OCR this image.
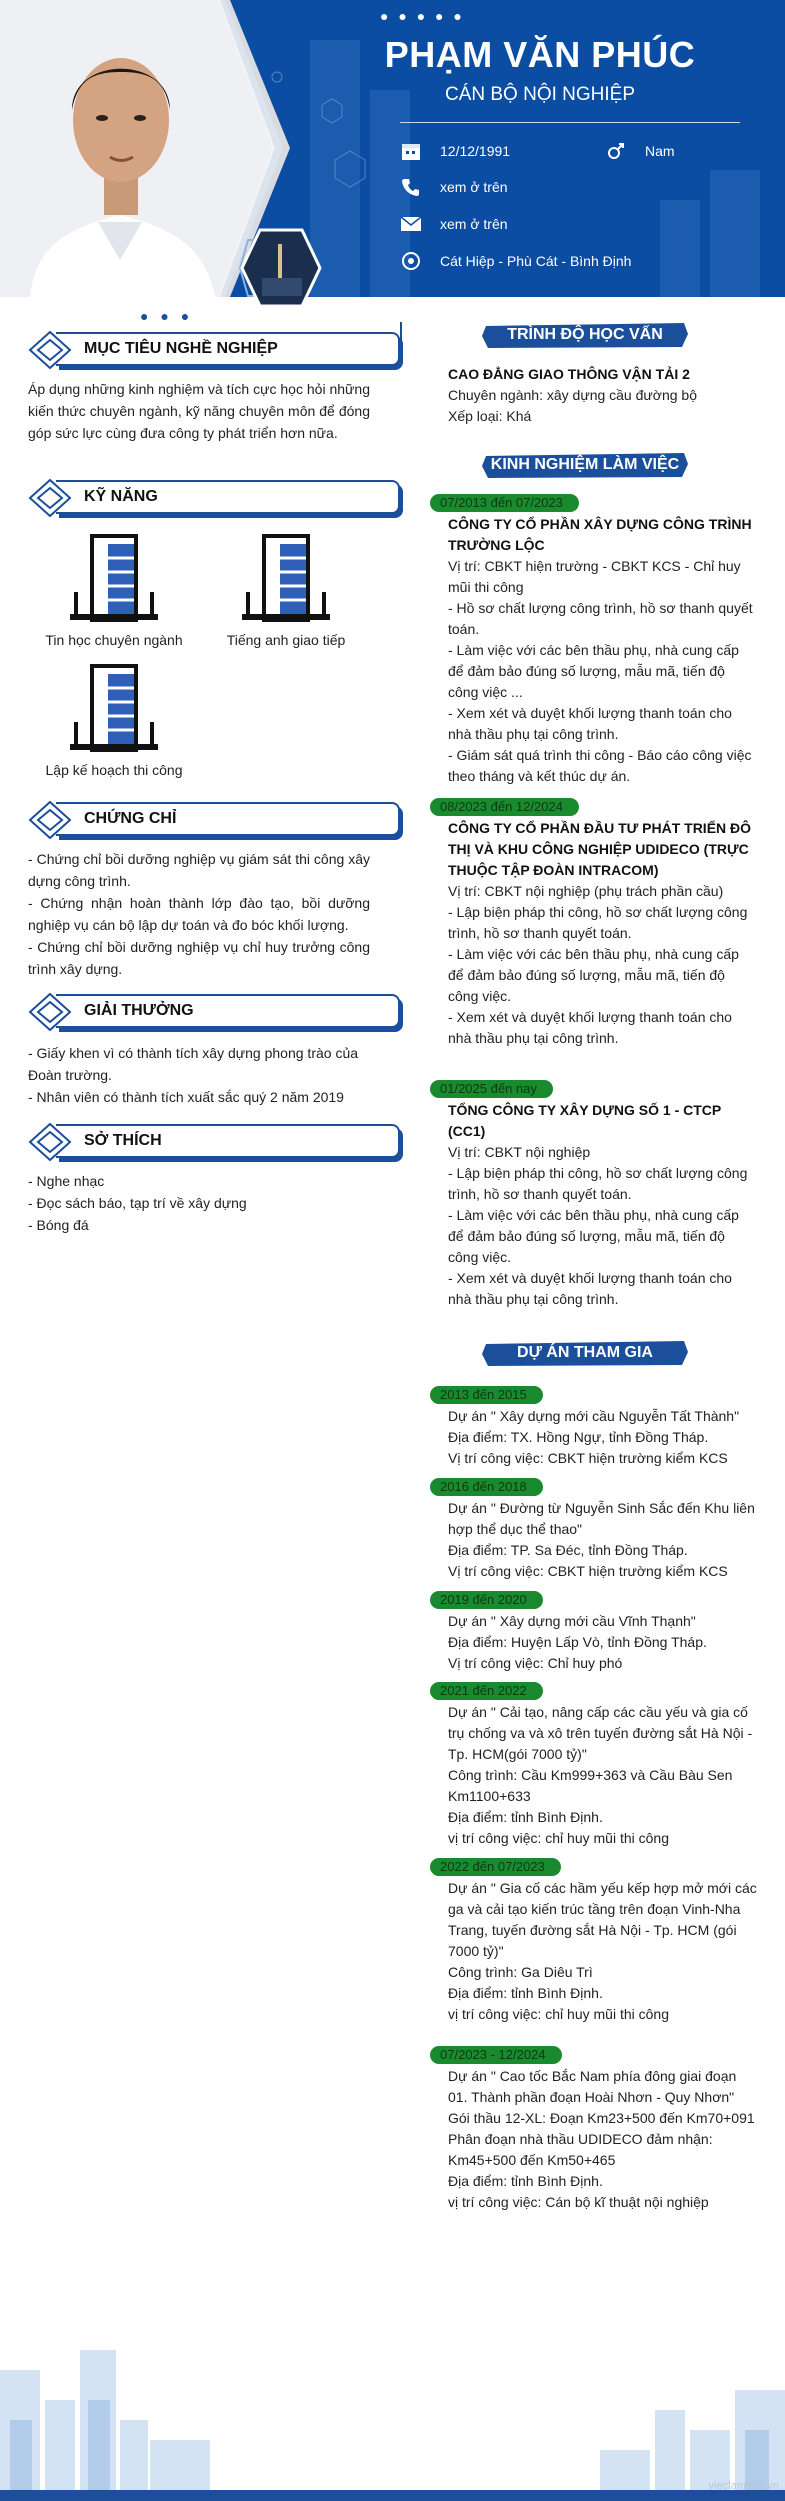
● ● ● ● ●
PHẠM VĂN PHÚC
CÁN BỘ NỘI NGHIỆP
12/12/1991	Nam
xem ở trên
xem ở trên
Cát Hiệp - Phù Cát - Bình Định
● ● ●
MỤC TIÊU NGHỀ NGHIỆP
Áp dụng những kinh nghiệm và tích cực học hỏi những kiến thức chuyên ngành, kỹ năng chuyên môn để đóng góp sức lực cùng đưa công ty phát triển hơn nữa.
KỸ NĂNG
Tin học chuyên ngành	Tiếng anh giao tiếp
Lập kế hoạch thi công
CHỨNG CHỈ

- Chứng chỉ bồi dưỡng nghiệp vụ giám sát thi công xây dựng công trình.

- Chứng nhận hoàn thành lớp đào tạo, bồi dưỡng nghiệp vụ cán bộ lập dự toán và đo bóc khối lượng.

- Chứng chỉ bồi dưỡng nghiệp vụ chỉ huy trưởng công trình xây dựng.

GIẢI THƯỞNG

- Giấy khen vì có thành tích xây dựng phong trào của Đoàn trường.

- Nhân viên có thành tích xuất sắc quý 2 năm 2019

SỞ THÍCH

- Nghe nhạc

- Đọc sách báo, tạp trí về xây dựng

- Bóng đá

TRÌNH ĐỘ HỌC VẤN
CAO ĐẲNG GIAO THÔNG VẬN TẢI 2
Chuyên ngành: xây dựng cầu đường bộ
Xếp loại: Khá
KINH NGHIỆM LÀM VIỆC
07/2013 đến 07/2023
CÔNG TY CỔ PHẦN XÂY DỰNG CÔNG TRÌNH TRƯỜNG LỘC
Vị trí: CBKT hiện trường - CBKT KCS - Chỉ huy mũi thi công
- Hồ sơ chất lượng công trình, hồ sơ thanh quyết toán.
- Làm việc với các bên thầu phụ, nhà cung cấp để đảm bảo đúng số lượng, mẫu mã, tiến độ công việc ...
- Xem xét và duyệt khối lượng thanh toán cho nhà thầu phụ tại công trình.
- Giám sát quá trình thi công - Báo cáo công việc theo tháng và kết thúc dự án.
08/2023 đến 12/2024
CÔNG TY CỔ PHẦN ĐẦU TƯ PHÁT TRIỂN ĐÔ THỊ VÀ KHU CÔNG NGHIỆP UDIDECO (TRỰC THUỘC TẬP ĐOÀN INTRACOM)
Vị trí: CBKT nội nghiệp (phụ trách phần cầu)
- Lập biện pháp thi công, hồ sơ chất lượng công trình, hồ sơ thanh quyết toán.
- Làm việc với các bên thầu phụ, nhà cung cấp để đảm bảo đúng số lượng, mẫu mã, tiến độ công việc.
- Xem xét và duyệt khối lượng thanh toán cho nhà thầu phụ tại công trình.
01/2025 đến nay
TỔNG CÔNG TY XÂY DỰNG SỐ 1 - CTCP (CC1)
Vị trí: CBKT nội nghiệp
- Lập biện pháp thi công, hồ sơ chất lượng công trình, hồ sơ thanh quyết toán.
- Làm việc với các bên thầu phụ, nhà cung cấp để đảm bảo đúng số lượng, mẫu mã, tiến độ công việc.
- Xem xét và duyệt khối lượng thanh toán cho nhà thầu phụ tại công trình.
DỰ ÁN THAM GIA
2013 đến 2015
Dự án " Xây dựng mới cầu Nguyễn Tất Thành"
Địa điểm: TX. Hồng Ngự, tỉnh Đồng Tháp.
Vị trí công việc: CBKT hiện trường kiểm KCS
2016 đến 2018
Dự án " Đường từ Nguyễn Sinh Sắc đến Khu liên hợp thể dục thể thao"
Địa điểm: TP. Sa Đéc, tỉnh Đồng Tháp.
Vị trí công việc: CBKT hiện trường kiểm KCS
2019 đến 2020
Dự án " Xây dựng mới cầu Vĩnh Thạnh"
Địa điểm: Huyện Lấp Vò, tỉnh Đồng Tháp.
Vị trí công việc: Chỉ huy phó
2021 đến 2022
Dự án " Cải tạo, nâng cấp các cầu yếu và gia cố trụ chống va và xô trên tuyến đường sắt Hà Nội - Tp. HCM(gói 7000 tỷ)"
Công trình: Cầu Km999+363 và Cầu Bàu Sen Km1100+633
Địa điểm: tỉnh Bình Định.
vị trí công việc: chỉ huy mũi thi công
2022 đến 07/2023
Dự án " Gia cố các hầm yếu kếp hợp mở mới các ga và cải tạo kiến trúc tầng trên đoạn Vinh-Nha Trang, tuyến đường sắt Hà Nội - Tp. HCM (gói 7000 tỷ)"
Công trình: Ga Diêu Trì
Địa điểm: tỉnh Bình Định.
vị trí công việc: chỉ huy mũi thi công
07/2023 - 12/2024
Dự án " Cao tốc Bắc Nam phía đông giai đoạn 01. Thành phần đoạn Hoài Nhơn - Quy Nhơn"
Gói thầu 12-XL: Đoạn Km23+500 đến Km70+091
Phân đoạn nhà thầu UDIDECO đảm nhận: Km45+500 đến Km50+465
Địa điểm: tỉnh Bình Định.
vị trí công việc: Cán bộ kĩ thuật nội nghiệp
vieclam123.vn
